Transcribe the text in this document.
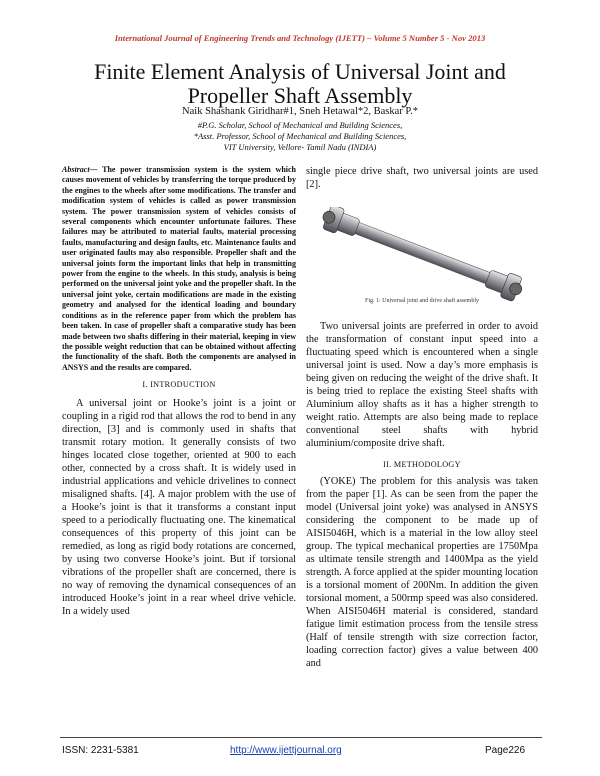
International Journal of Engineering Trends and Technology (IJETT) – Volume 5 Number 5 - Nov 2013
Finite Element Analysis of Universal Joint and Propeller Shaft Assembly
Naik Shashank Giridhar#1, Sneh Hetawal*2, Baskar P.*
#P.G. Scholar, School of Mechanical and Building Sciences,
*Asst. Professor, School of Mechanical and Building Sciences,
VIT University, Vellore- Tamil Nadu (INDIA)
Abstract— The power transmission system is the system which causes movement of vehicles by transferring the torque produced by the engines to the wheels after some modifications. The transfer and modification system of vehicles is called as power transmission system. The power transmission system of vehicles consists of several components which encounter unfortunate failures. These failures may be attributed to material faults, material processing faults, manufacturing and design faults, etc. Maintenance faults and user originated faults may also responsible. Propeller shaft and the universal joints form the important links that help in transmitting power from the engine to the wheels. In this study, analysis is being performed on the universal joint yoke and the propeller shaft. In the universal joint yoke, certain modifications are made in the existing geometry and analysed for the identical loading and boundary conditions as in the reference paper from which the problem has been taken. In case of propeller shaft a comparative study has been made between two shafts differing in their material, keeping in view the possible weight reduction that can be obtained without affecting the functionality of the shaft. Both the components are analysed in ANSYS and the results are compared.
I. INTRODUCTION

A universal joint or Hooke’s joint is a joint or coupling in a rigid rod that allows the rod to bend in any direction, [3] and is commonly used in shafts that transmit rotary motion. It generally consists of two hinges located close together, oriented at 900 to each other, connected by a cross shaft. It is widely used in industrial applications and vehicle drivelines to connect misaligned shafts. [4]. A major problem with the use of a Hooke’s joint is that it transforms a constant input speed to a periodically fluctuating one. The kinematical consequences of this property of this joint can be remedied, as long as rigid body rotations are concerned, by using two converse Hooke’s joint. But if torsional vibrations of the propeller shaft are concerned, there is no way of removing the dynamical consequences of an introduced Hooke’s joint in a rear wheel drive vehicle. In a widely used

single piece drive shaft, two universal joints are used [2].
Fig. 1: Universal joint and drive shaft assembly

Two universal joints are preferred in order to avoid the transformation of constant input speed into a fluctuating speed which is encountered when a single universal joint is used. Now a day’s more emphasis is being given on reducing the weight of the drive shaft. It is being tried to replace the existing Steel shafts with Aluminium alloy shafts as it has a higher strength to weight ratio. Attempts are also being made to replace conventional steel shafts with hybrid aluminium/composite drive shaft.

II. METHODOLOGY

(YOKE) The problem for this analysis was taken from the paper [1]. As can be seen from the paper the model (Universal joint yoke) was analysed in ANSYS considering the component to be made up of AISI5046H, which is a material in the low alloy steel group. The typical mechanical properties are 1750Mpa as ultimate tensile strength and 1400Mpa as the yield strength. A force applied at the spider mounting location is a torsional moment of 200Nm. In addition the given torsional moment, a 500rmp speed was also considered. When AISI5046H material is considered, standard fatigue limit estimation process from the tensile stress (Half of tensile strength with size correction factor, loading correction factor) gives a value between 400 and

ISSN: 2231-5381	http://www.ijettjournal.org	Page226
